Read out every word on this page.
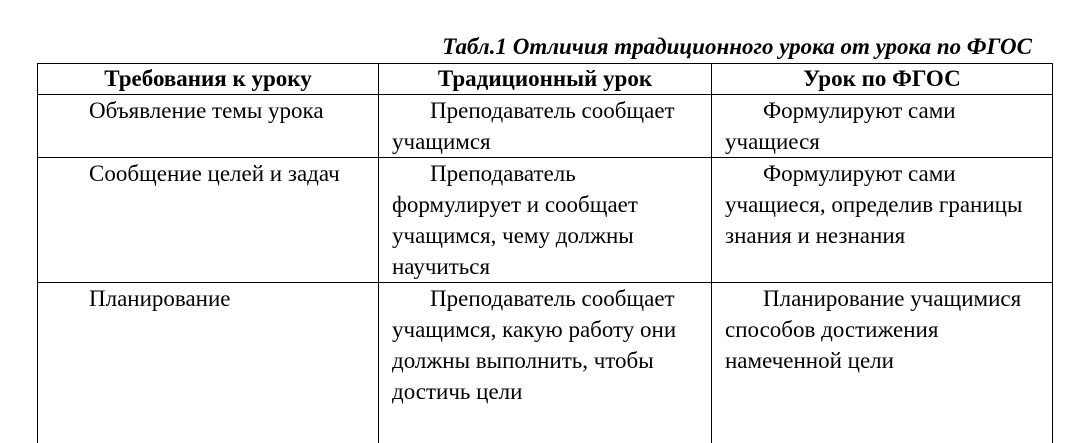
Табл.1 Отличия традиционного урока от урока по ФГОС
Требования к уроку	Традиционный урок	Урок по ФГОС
Объявление темы урока	Преподаватель сообщает учащимся	Формулируют сами учащиеся
Сообщение целей и задач	Преподаватель формулирует и сообщает учащимся, чему должны научиться	Формулируют сами учащиеся, определив границы знания и незнания
Планирование	Преподаватель сообщает учащимся, какую работу они должны выполнить, чтобы достичь цели	Планирование учащимися способов достижения намеченной цели
